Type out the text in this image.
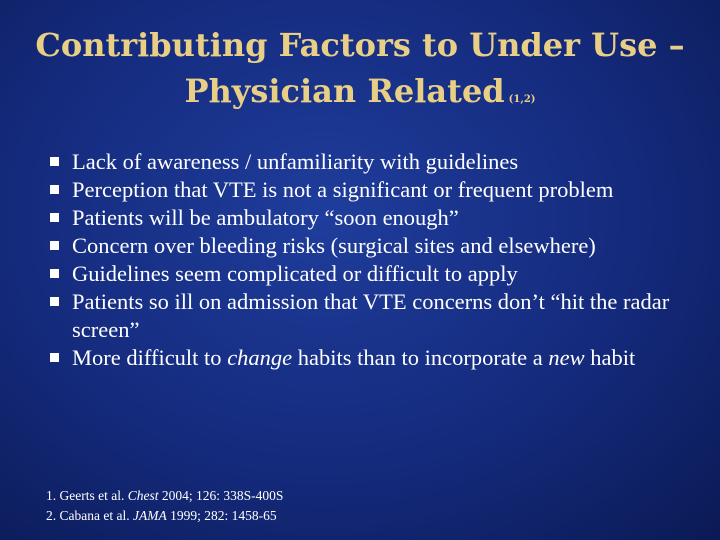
Contributing Factors to Under Use –
Physician Related (1,2)
Lack of awareness / unfamiliarity with guidelines
Perception that VTE is not a significant or frequent problem
Patients will be ambulatory “soon enough”
Concern over bleeding risks (surgical sites and elsewhere)
Guidelines seem complicated or difficult to apply
Patients so ill on admission that VTE concerns don’t “hit the radar screen”
More difficult to change habits than to incorporate a new habit
1. Geerts et al. Chest 2004; 126: 338S-400S
2. Cabana et al. JAMA 1999; 282: 1458-65
